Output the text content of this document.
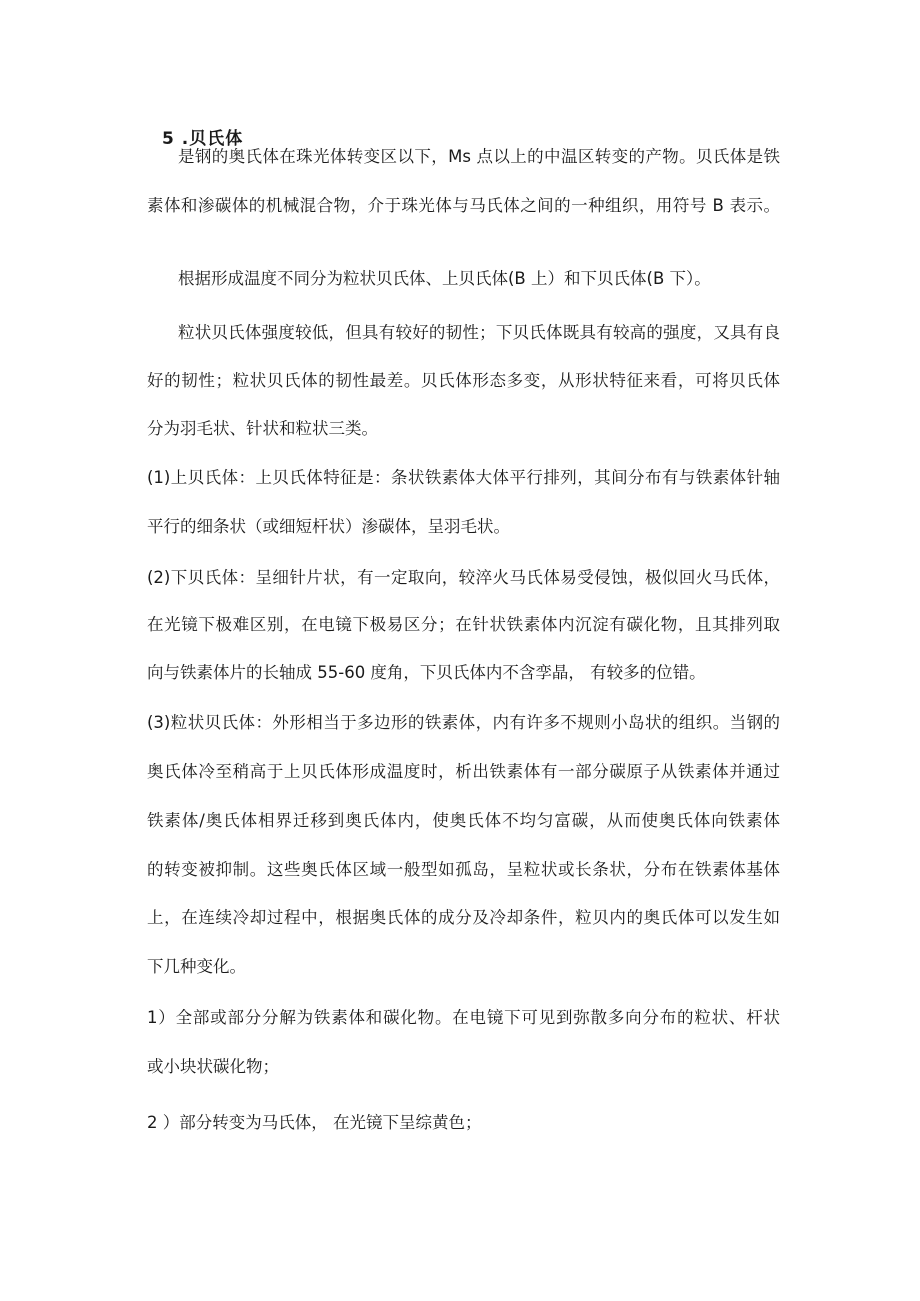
5 .贝氏体
是钢的奥氏体在珠光体转变区以下，Ms 点以上的中温区转变的产物。贝氏体是铁
素体和渗碳体的机械混合物，介于珠光体与马氏体之间的一种组织，用符号 B 表示。
根据形成温度不同分为粒状贝氏体、上贝氏体(B 上）和下贝氏体(B 下）。
粒状贝氏体强度较低，但具有较好的韧性；下贝氏体既具有较高的强度，又具有良
好的韧性；粒状贝氏体的韧性最差。贝氏体形态多变，从形状特征来看，可将贝氏体
分为羽毛状、针状和粒状三类。
(1)上贝氏体：上贝氏体特征是：条状铁素体大体平行排列，其间分布有与铁素体针轴
平行的细条状（或细短杆状）渗碳体，呈羽毛状。
(2)下贝氏体：呈细针片状，有一定取向，较淬火马氏体易受侵蚀，极似回火马氏体，
在光镜下极难区别，在电镜下极易区分；在针状铁素体内沉淀有碳化物，且其排列取
向与铁素体片的长轴成 55-60 度角，下贝氏体内不含孪晶， 有较多的位错。
(3)粒状贝氏体：外形相当于多边形的铁素体，内有许多不规则小岛状的组织。当钢的
奥氏体冷至稍高于上贝氏体形成温度时，析出铁素体有一部分碳原子从铁素体并通过
铁素体/奥氏体相界迁移到奥氏体内，使奥氏体不均匀富碳，从而使奥氏体向铁素体
的转变被抑制。这些奥氏体区域一般型如孤岛，呈粒状或长条状，分布在铁素体基体
上，在连续冷却过程中，根据奥氏体的成分及冷却条件，粒贝内的奥氏体可以发生如
下几种变化。
1）全部或部分分解为铁素体和碳化物。在电镜下可见到弥散多向分布的粒状、杆状
或小块状碳化物；
2 ）部分转变为马氏体， 在光镜下呈综黄色；
